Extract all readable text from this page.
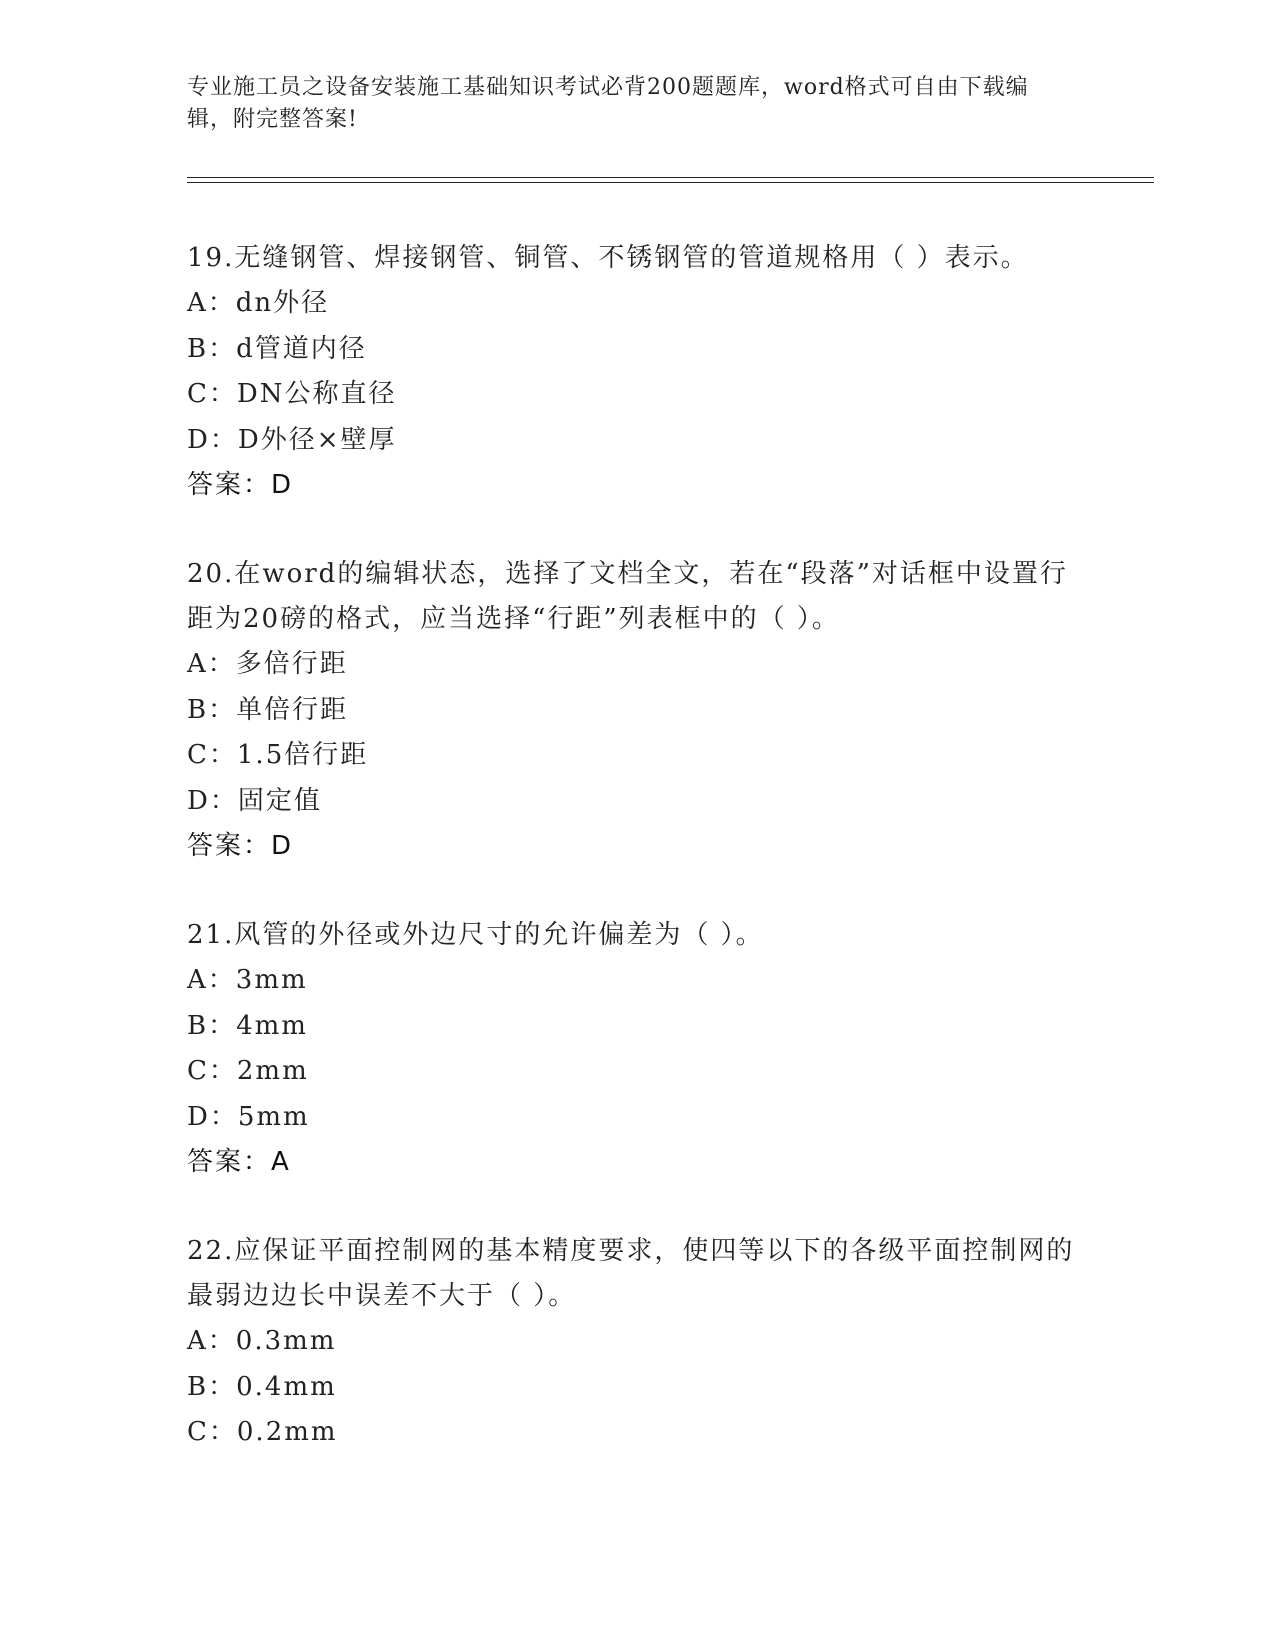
专业施工员之设备安装施工基础知识考试必背200题题库，word格式可自由下载编辑，附完整答案!

19.无缝钢管、焊接钢管、铜管、不锈钢管的管道规格用（ ）表示。

A：dn外径

B：d管道内径

C：DN公称直径

D：D外径×壁厚

答案：D

20.在word的编辑状态，选择了文档全文，若在“段落”对话框中设置行距为20磅的格式，应当选择“行距”列表框中的（ ）。

A：多倍行距

B：单倍行距

C：1.5倍行距

D：固定值

答案：D

21.风管的外径或外边尺寸的允许偏差为（ ）。

A：3mm

B：4mm

C：2mm

D：5mm

答案：A

22.应保证平面控制网的基本精度要求，使四等以下的各级平面控制网的最弱边边长中误差不大于（ ）。

A：0.3mm

B：0.4mm

C：0.2mm
